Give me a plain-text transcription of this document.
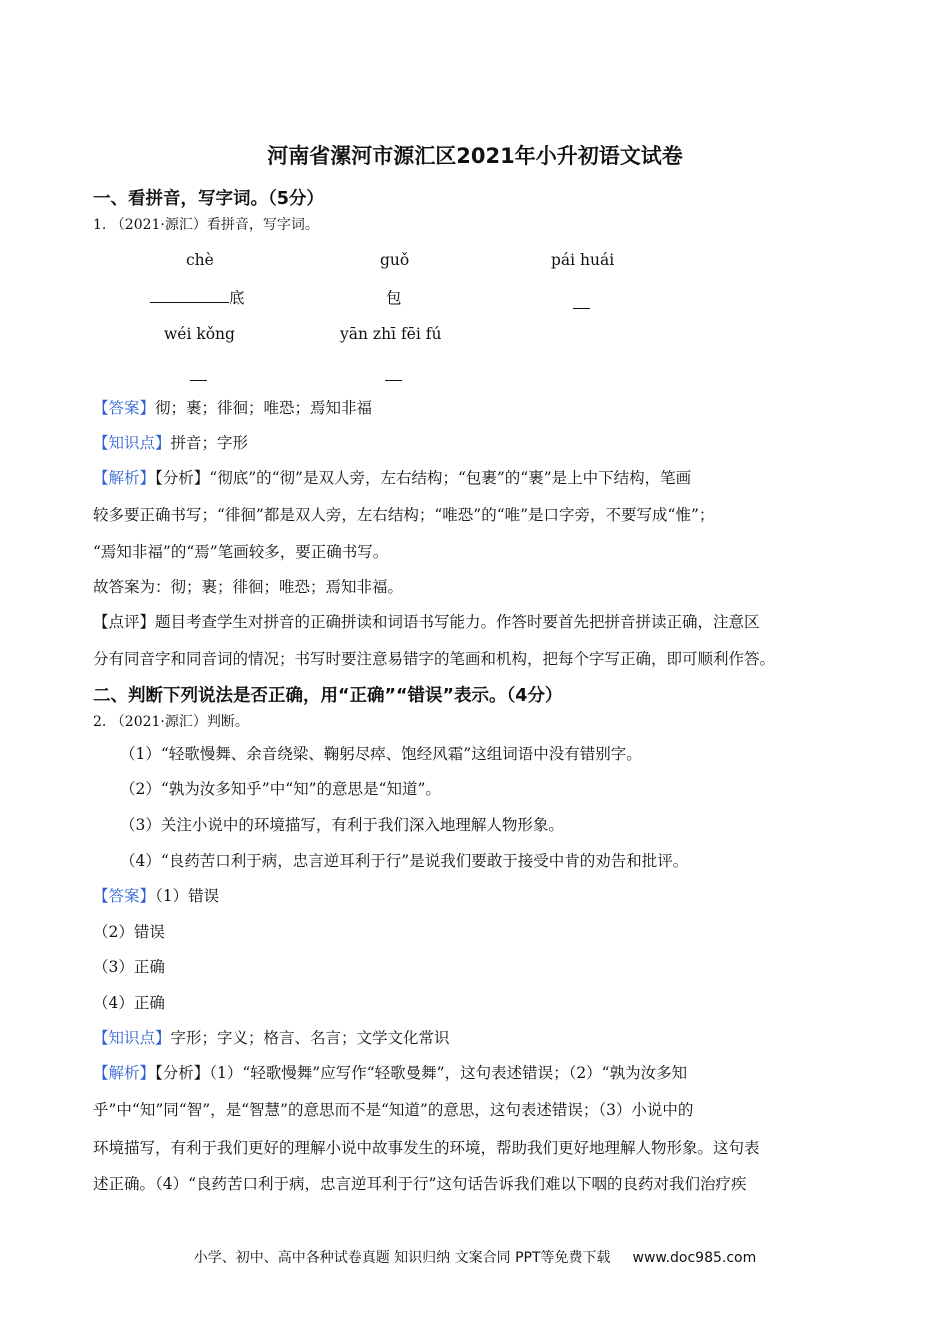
河南省漯河市源汇区2021年小升初语文试卷
一、看拼音，写字词。（5分）
1. （2021·源汇）看拼音，写字词。
chè	guǒ	pái huái
底	包
wéi kǒng	yān zhī fēi fú
【答案】彻；裹；徘徊；唯恐；焉知非福
【知识点】拼音；字形
【解析】【分析】“彻底”的“彻”是双人旁，左右结构；“包裹”的“裹”是上中下结构，笔画
较多要正确书写；“徘徊”都是双人旁，左右结构；“唯恐”的“唯”是口字旁，不要写成“惟”；
“焉知非福”的“焉”笔画较多，要正确书写。
故答案为：彻；裹；徘徊；唯恐；焉知非福。
【点评】题目考查学生对拼音的正确拼读和词语书写能力。作答时要首先把拼音拼读正确，注意区
分有同音字和同音词的情况；书写时要注意易错字的笔画和机构，把每个字写正确，即可顺利作答。
二、判断下列说法是否正确，用“正确”“错误”表示。（4分）
2. （2021·源汇）判断。
（1）“轻歌慢舞、余音绕梁、鞠躬尽瘁、饱经风霜”这组词语中没有错别字。
（2）“孰为汝多知乎”中“知”的意思是“知道”。
（3）关注小说中的环境描写，有利于我们深入地理解人物形象。
（4）“良药苦口利于病，忠言逆耳利于行”是说我们要敢于接受中肯的劝告和批评。
【答案】（1）错误
（2）错误
（3）正确
（4）正确
【知识点】字形；字义；格言、名言；文学文化常识
【解析】【分析】（1）“轻歌慢舞”应写作“轻歌曼舞”，这句表述错误；（2）“孰为汝多知
乎”中“知”同“智”，是“智慧”的意思而不是“知道”的意思，这句表述错误；（3）小说中的
环境描写，有利于我们更好的理解小说中故事发生的环境，帮助我们更好地理解人物形象。这句表
述正确。（4）“良药苦口利于病，忠言逆耳利于行”这句话告诉我们难以下咽的良药对我们治疗疾
小学、初中、高中各种试卷真题 知识归纳 文案合同 PPT等免费下载 www.doc985.com
